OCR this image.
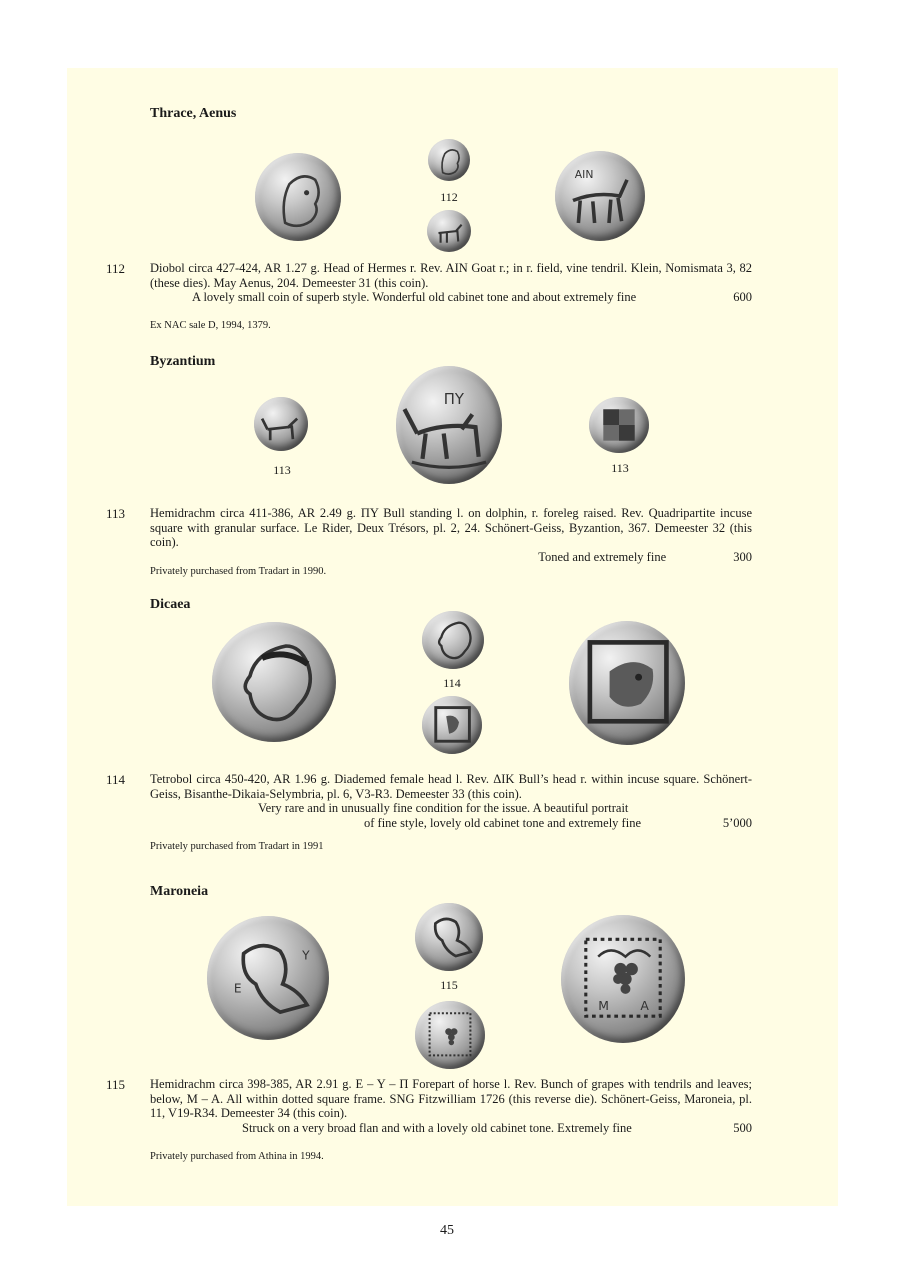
Thrace, Aenus
112
AIN
112 Diobol circa 427-424, AR 1.27 g. Head of Hermes r. Rev. AIN Goat r.; in r. field, vine tendril. Klein, Nomismata 3, 82 (these dies). May Aenus, 204. Demeester 31 (this coin).

A lovely small coin of superb style. Wonderful old cabinet tone and about extremely fine	600

Ex NAC sale D, 1994, 1379.
Byzantium
113
ΠY
113
113 Hemidrachm circa 411-386, AR 2.49 g. ΠY Bull standing l. on dolphin, r. foreleg raised. Rev. Quadripartite incuse square with granular surface. Le Rider, Deux Trésors, pl. 2, 24. Schönert-Geiss, Byzantion, 367. Demeester 32 (this coin).

Toned and extremely fine	300

Privately purchased from Tradart in 1990.
Dicaea
114
114 Tetrobol circa 450-420, AR 1.96 g. Diademed female head l. Rev. ΔIK Bull’s head r. within incuse square. Schönert-Geiss, Bisanthe-Dikaia-Selymbria, pl. 6, V3-R3. Demeester 33 (this coin).

Very rare and in unusually fine condition for the issue. A beautiful portrait

of fine style, lovely old cabinet tone and extremely fine	5’000

Privately purchased from Tradart in 1991
Maroneia
E
Y
115
M	A
115 Hemidrachm circa 398-385, AR 2.91 g. E – Y – Π Forepart of horse l. Rev. Bunch of grapes with tendrils and leaves; below, M – A. All within dotted square frame. SNG Fitzwilliam 1726 (this reverse die). Schönert-Geiss, Maroneia, pl. 11, V19-R34. Demeester 34 (this coin).

Struck on a very broad flan and with a lovely old cabinet tone. Extremely fine	500

Privately purchased from Athina in 1994.
45
